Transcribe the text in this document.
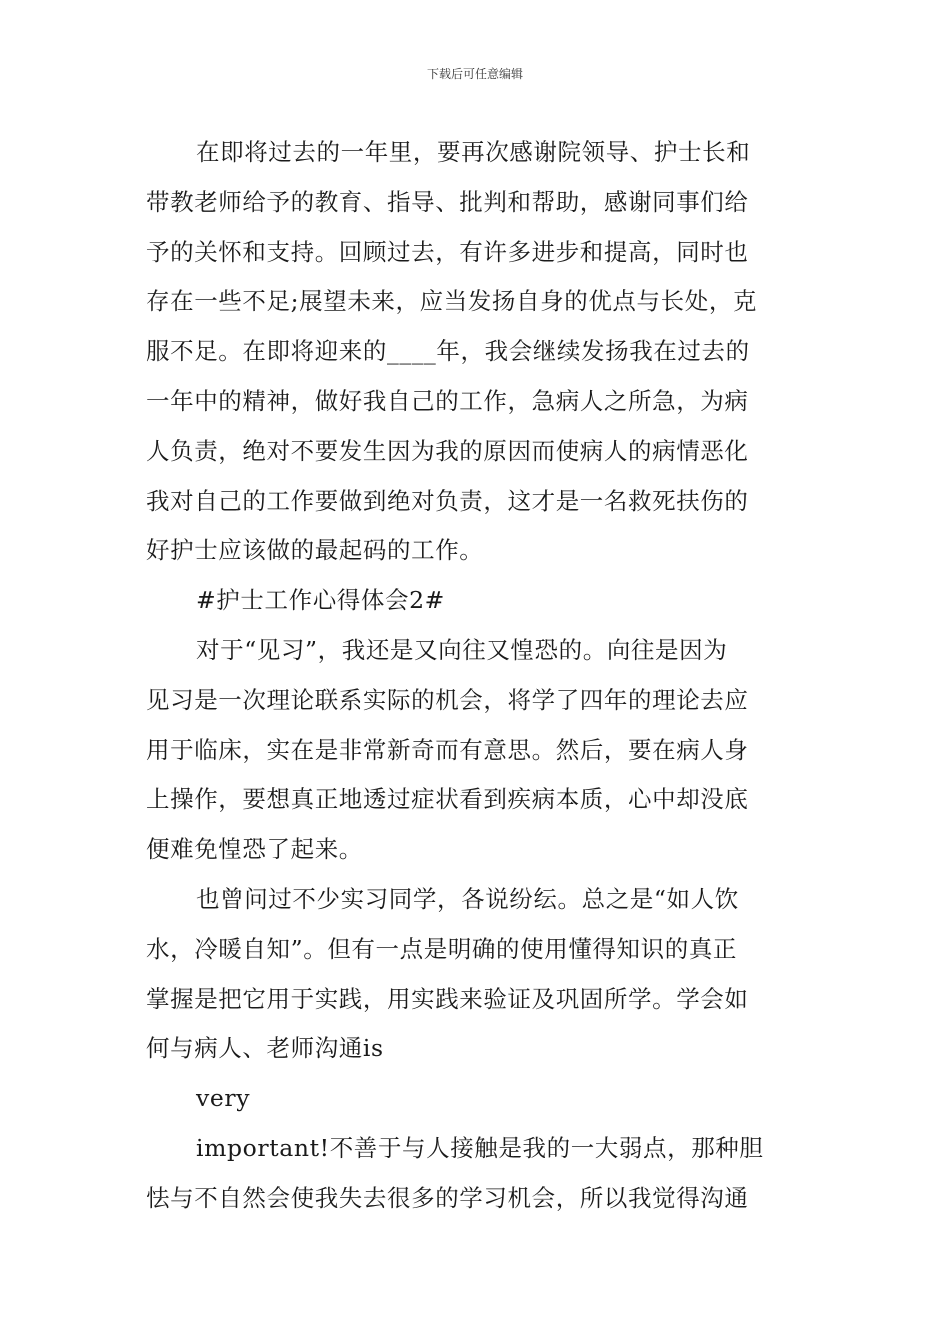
下载后可任意编辑
在即将过去的一年里，要再次感谢院领导、护士长和
带教老师给予的教育、指导、批判和帮助，感谢同事们给
予的关怀和支持。回顾过去，有许多进步和提高，同时也
存在一些不足;展望未来，应当发扬自身的优点与长处，克
服不足。在即将迎来的____年，我会继续发扬我在过去的
一年中的精神，做好我自己的工作，急病人之所急，为病
人负责，绝对不要发生因为我的原因而使病人的病情恶化
我对自己的工作要做到绝对负责，这才是一名救死扶伤的
好护士应该做的最起码的工作。
#护士工作心得体会2#
对于“见习”，我还是又向往又惶恐的。向往是因为
见习是一次理论联系实际的机会，将学了四年的理论去应
用于临床，实在是非常新奇而有意思。然后，要在病人身
上操作，要想真正地透过症状看到疾病本质，心中却没底
便难免惶恐了起来。
也曾问过不少实习同学，各说纷纭。总之是“如人饮
水，冷暖自知”。但有一点是明确的使用懂得知识的真正
掌握是把它用于实践，用实践来验证及巩固所学。学会如
何与病人、老师沟通is
very
important!不善于与人接触是我的一大弱点，那种胆
怯与不自然会使我失去很多的学习机会，所以我觉得沟通
